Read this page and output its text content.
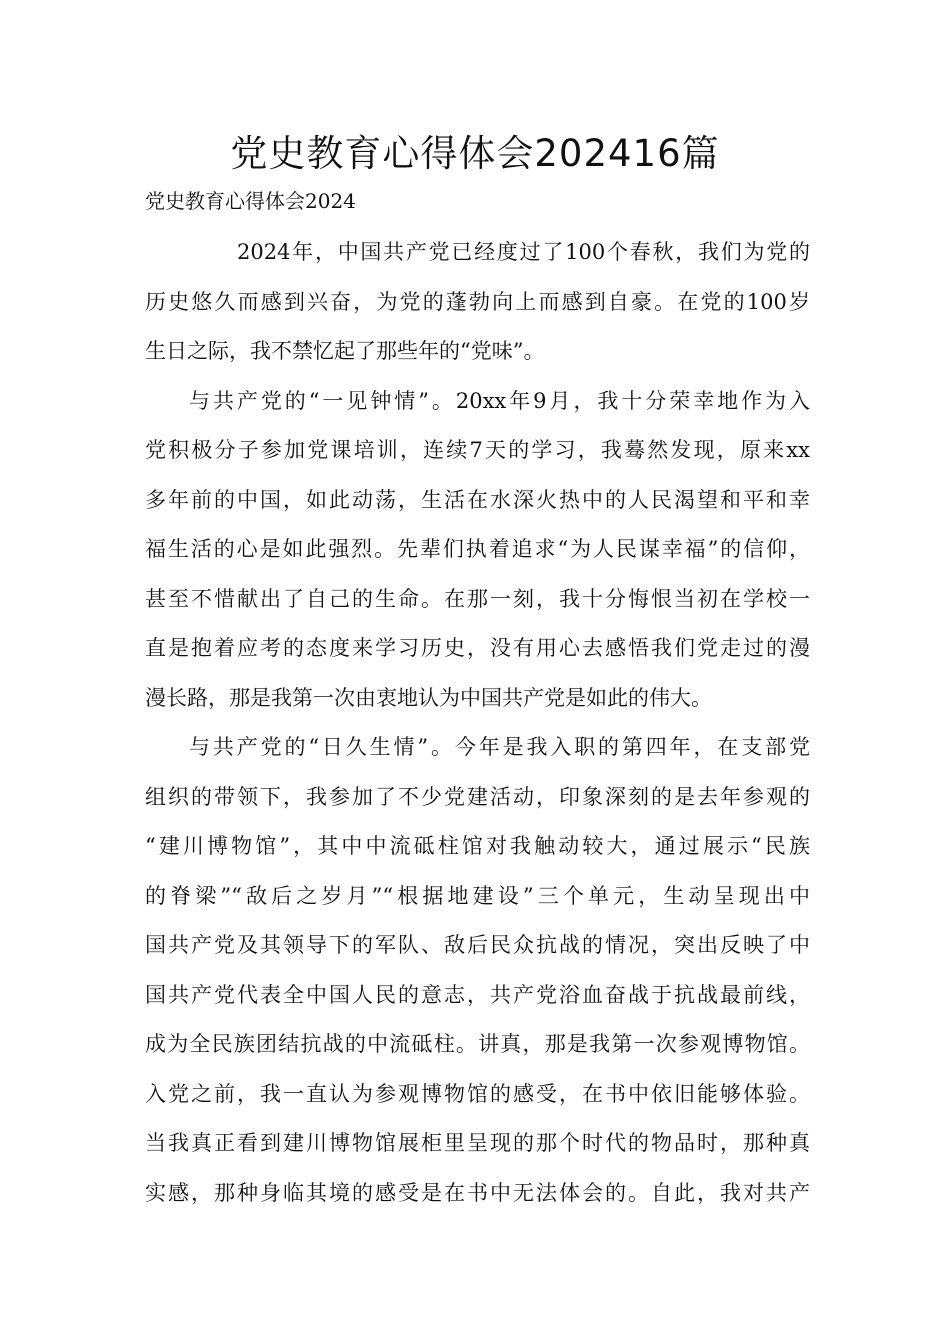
党史教育心得体会202416篇

党史教育心得体会2024

2024年，中国共产党已经度过了100个春秋，我们为党的
历史悠久而感到兴奋，为党的蓬勃向上而感到自豪。在党的100岁
生日之际，我不禁忆起了那些年的“党味”。
与共产党的“一见钟情”。20xx年9月，我十分荣幸地作为入
党积极分子参加党课培训，连续7天的学习，我蓦然发现，原来xx
多年前的中国，如此动荡，生活在水深火热中的人民渴望和平和幸
福生活的心是如此强烈。先辈们执着追求“为人民谋幸福”的信仰，
甚至不惜献出了自己的生命。在那一刻，我十分悔恨当初在学校一
直是抱着应考的态度来学习历史，没有用心去感悟我们党走过的漫
漫长路，那是我第一次由衷地认为中国共产党是如此的伟大。
与共产党的“日久生情”。今年是我入职的第四年，在支部党
组织的带领下，我参加了不少党建活动，印象深刻的是去年参观的
“建川博物馆”，其中中流砥柱馆对我触动较大，通过展示“民族
的脊梁”“敌后之岁月”“根据地建设”三个单元，生动呈现出中
国共产党及其领导下的军队、敌后民众抗战的情况，突出反映了中
国共产党代表全中国人民的意志，共产党浴血奋战于抗战最前线，
成为全民族团结抗战的中流砥柱。讲真，那是我第一次参观博物馆。
入党之前，我一直认为参观博物馆的感受，在书中依旧能够体验。
当我真正看到建川博物馆展柜里呈现的那个时代的物品时，那种真
实感，那种身临其境的感受是在书中无法体会的。自此，我对共产
